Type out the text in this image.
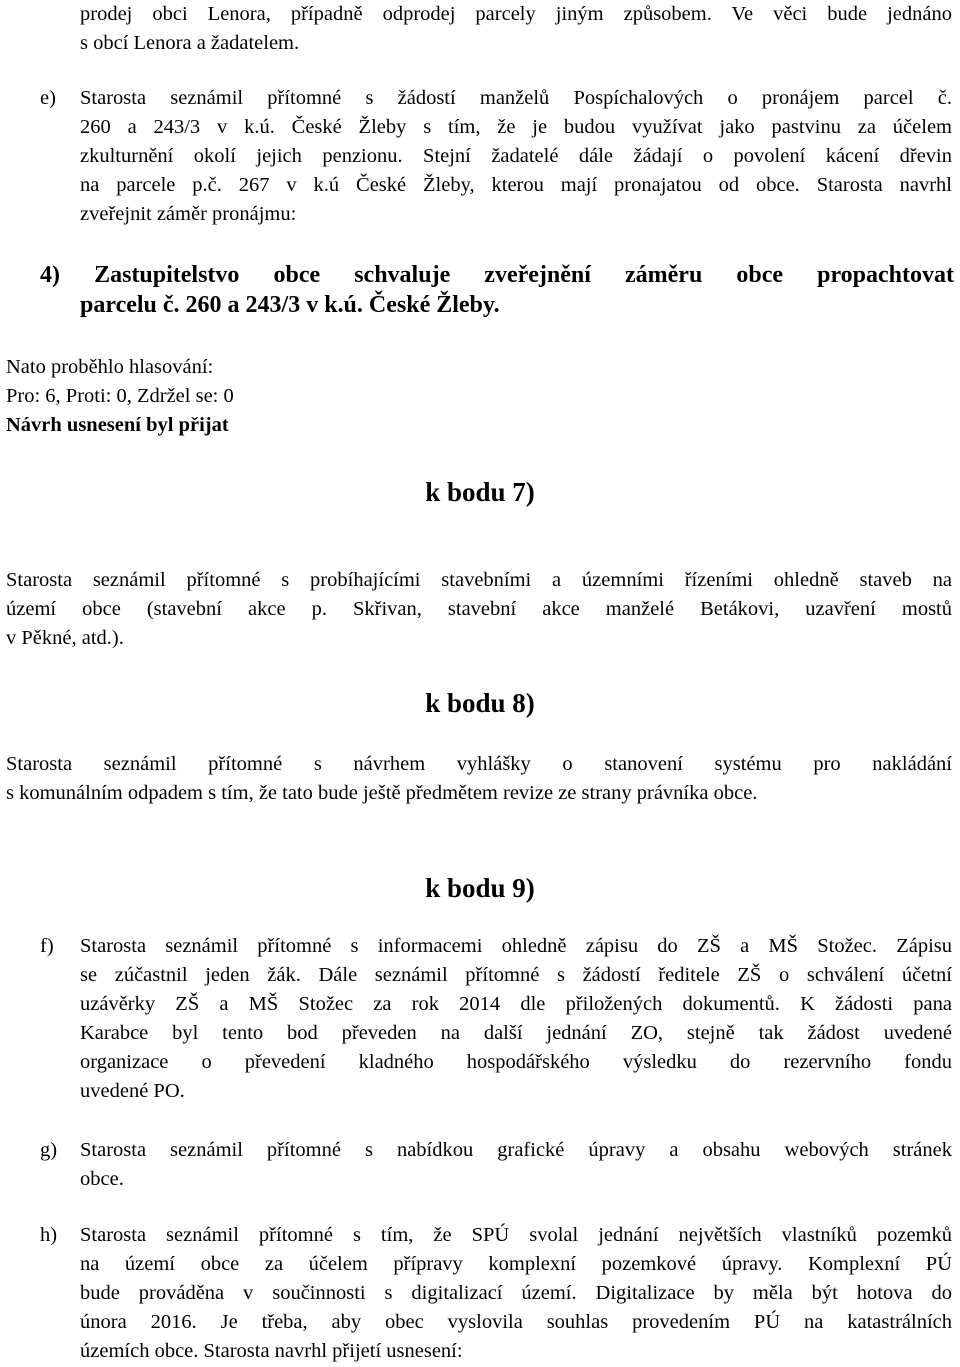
prodej obci Lenora, případně odprodej parcely jiným způsobem. Ve věci bude jednáno
s obcí Lenora a žadatelem.
e) Starosta seznámil přítomné s žádostí manželů Pospíchalových o pronájem parcel č.
260 a 243/3 v k.ú. České Žleby s tím, že je budou využívat jako pastvinu za účelem
zkulturnění okolí jejich penzionu. Stejní žadatelé dále žádají o povolení kácení dřevin
na parcele p.č. 267 v k.ú České Žleby, kterou mají pronajatou od obce. Starosta navrhl
zveřejnit záměr pronájmu:
4) Zastupitelstvo obce schvaluje zveřejnění záměru obce propachtovat
parcelu č. 260 a 243/3 v k.ú. České Žleby.
Nato proběhlo hlasování:
Pro: 6, Proti: 0, Zdržel se: 0
Návrh usnesení byl přijat
k bodu 7)
Starosta seznámil přítomné s probíhajícími stavebními a územními řízeními ohledně staveb na
území obce (stavební akce p. Skřivan, stavební akce manželé Betákovi, uzavření mostů
v Pěkné, atd.).
k bodu 8)
Starosta seznámil přítomné s návrhem vyhlášky o stanovení systému pro nakládání
s komunálním odpadem s tím, že tato bude ještě předmětem revize ze strany právníka obce.
k bodu 9)
f) Starosta seznámil přítomné s informacemi ohledně zápisu do ZŠ a MŠ Stožec. Zápisu
se zúčastnil jeden žák. Dále seznámil přítomné s žádostí ředitele ZŠ o schválení účetní
uzávěrky ZŠ a MŠ Stožec za rok 2014 dle přiložených dokumentů. K žádosti pana
Karabce byl tento bod převeden na další jednání ZO, stejně tak žádost uvedené
organizace o převedení kladného hospodářského výsledku do rezervního fondu
uvedené PO.
g) Starosta seznámil přítomné s nabídkou grafické úpravy a obsahu webových stránek
obce.
h) Starosta seznámil přítomné s tím, že SPÚ svolal jednání největších vlastníků pozemků
na území obce za účelem přípravy komplexní pozemkové úpravy. Komplexní PÚ
bude prováděna v součinnosti s digitalizací území. Digitalizace by měla být hotova do
února 2016. Je třeba, aby obec vyslovila souhlas provedením PÚ na katastrálních
územích obce. Starosta navrhl přijetí usnesení:
